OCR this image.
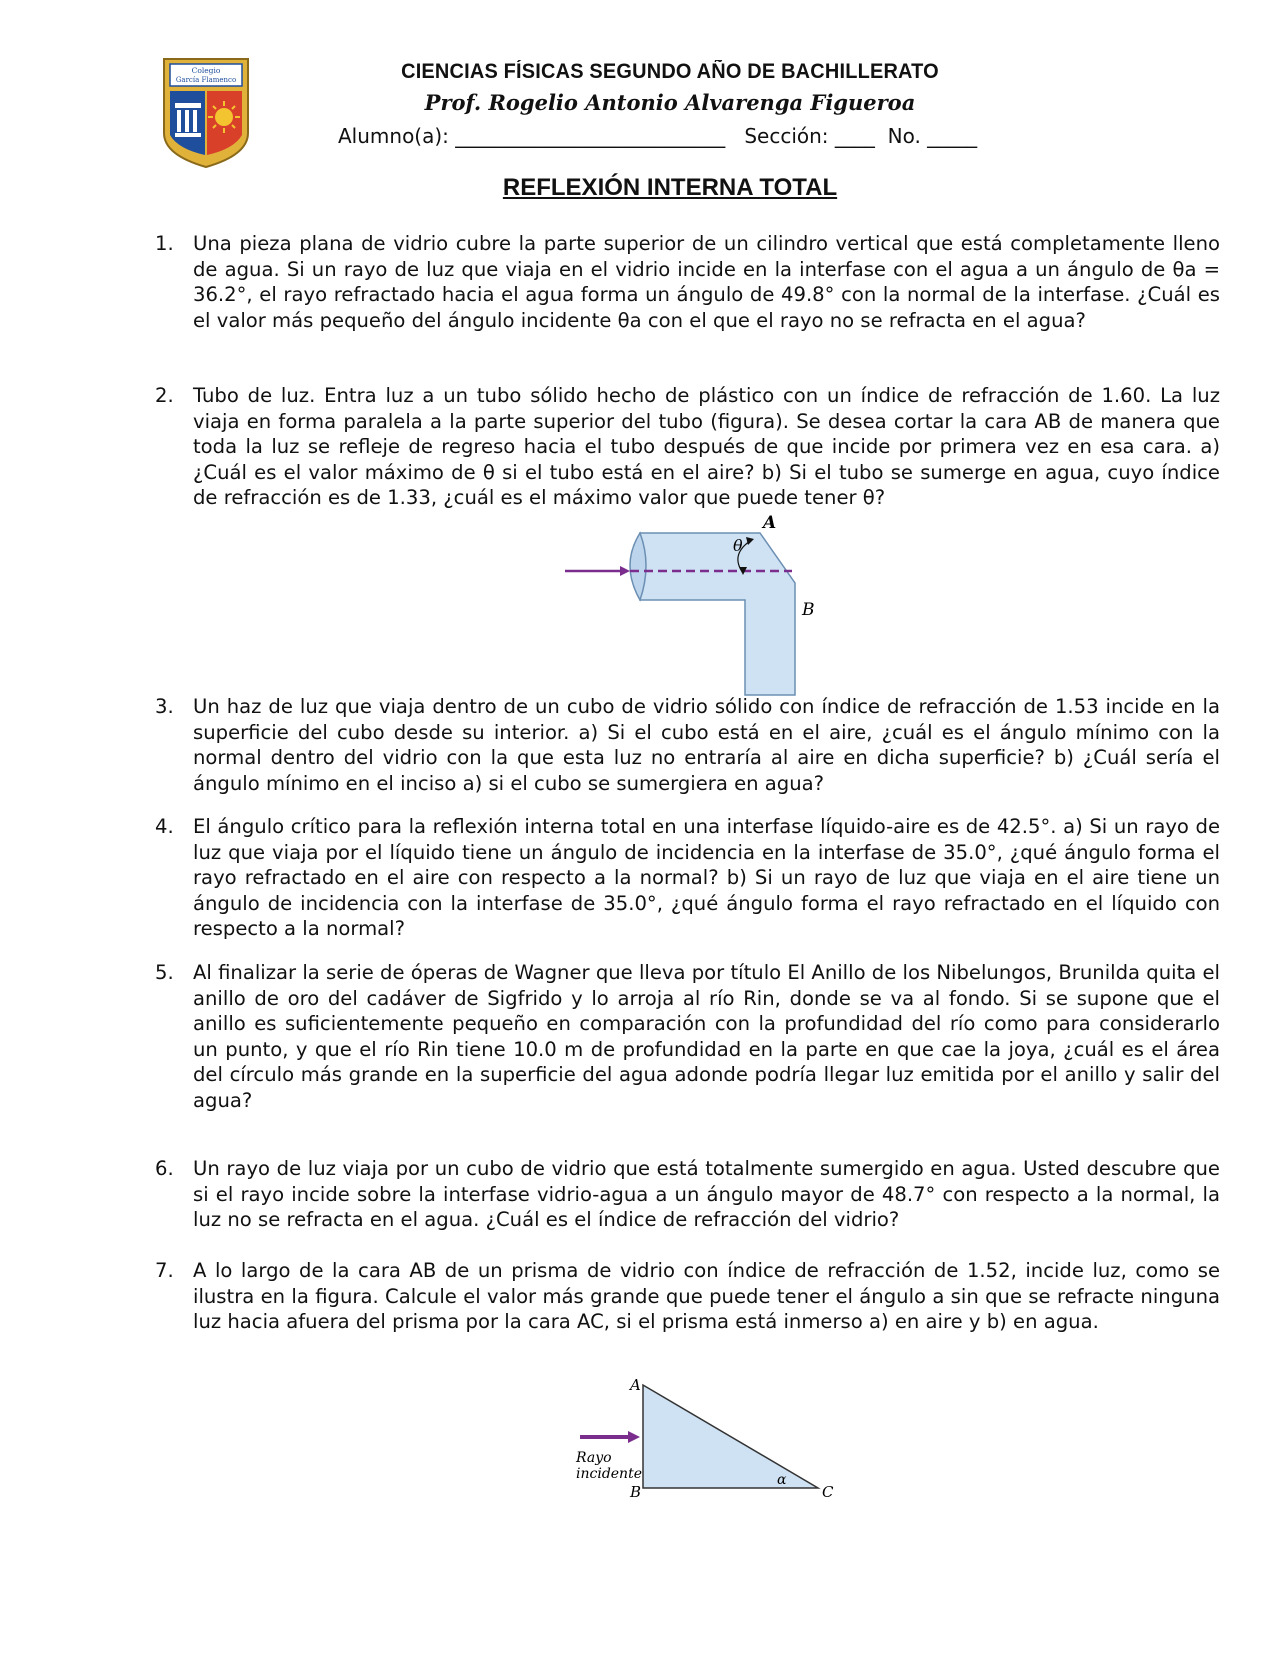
Colegio
García Flamenco	CIENCIAS FÍSICAS SEGUNDO AÑO DE BACHILLERATO
Prof. Rogelio Antonio Alvarenga Figueroa
Alumno(a): ___________________________   Sección: ____  No. _____
REFLEXIÓN INTERNA TOTAL
1. Una pieza plana de vidrio cubre la parte superior de un cilindro vertical que está completamente lleno de agua. Si un rayo de luz que viaja en el vidrio incide en la interfase con el agua a un ángulo de θa = 36.2°, el rayo refractado hacia el agua forma un ángulo de 49.8° con la normal de la interfase. ¿Cuál es el valor más pequeño del ángulo incidente θa con el que el rayo no se refracta en el agua?
2. Tubo de luz. Entra luz a un tubo sólido hecho de plástico con un índice de refracción de 1.60. La luz viaja en forma paralela a la parte superior del tubo (figura). Se desea cortar la cara AB de manera que toda la luz se refleje de regreso hacia el tubo después de que incide por primera vez en esa cara. a) ¿Cuál es el valor máximo de θ si el tubo está en el aire? b) Si el tubo se sumerge en agua, cuyo índice de refracción es de 1.33, ¿cuál es el máximo valor que puede tener θ?
A
θ
B
3. Un haz de luz que viaja dentro de un cubo de vidrio sólido con índice de refracción de 1.53 incide en la superficie del cubo desde su interior. a) Si el cubo está en el aire, ¿cuál es el ángulo mínimo con la normal dentro del vidrio con la que esta luz no entraría al aire en dicha superficie? b) ¿Cuál sería el ángulo mínimo en el inciso a) si el cubo se sumergiera en agua?
4. El ángulo crítico para la reflexión interna total en una interfase líquido-aire es de 42.5°. a) Si un rayo de luz que viaja por el líquido tiene un ángulo de incidencia en la interfase de 35.0°, ¿qué ángulo forma el rayo refractado en el aire con respecto a la normal? b) Si un rayo de luz que viaja en el aire tiene un ángulo de incidencia con la interfase de 35.0°, ¿qué ángulo forma el rayo refractado en el líquido con respecto a la normal?
5. Al finalizar la serie de óperas de Wagner que lleva por título El Anillo de los Nibelungos, Brunilda quita el anillo de oro del cadáver de Sigfrido y lo arroja al río Rin, donde se va al fondo. Si se supone que el anillo es suficientemente pequeño en comparación con la profundidad del río como para considerarlo un punto, y que el río Rin tiene 10.0 m de profundidad en la parte en que cae la joya, ¿cuál es el área del círculo más grande en la superficie del agua adonde podría llegar luz emitida por el anillo y salir del agua?
6. Un rayo de luz viaja por un cubo de vidrio que está totalmente sumergido en agua. Usted descubre que si el rayo incide sobre la interfase vidrio-agua a un ángulo mayor de 48.7° con respecto a la normal, la luz no se refracta en el agua. ¿Cuál es el índice de refracción del vidrio?
7. A lo largo de la cara AB de un prisma de vidrio con índice de refracción de 1.52, incide luz, como se ilustra en la figura. Calcule el valor más grande que puede tener el ángulo a sin que se refracte ninguna luz hacia afuera del prisma por la cara AC, si el prisma está inmerso a) en aire y b) en agua.
A
B	C
α
Rayo
incidente
